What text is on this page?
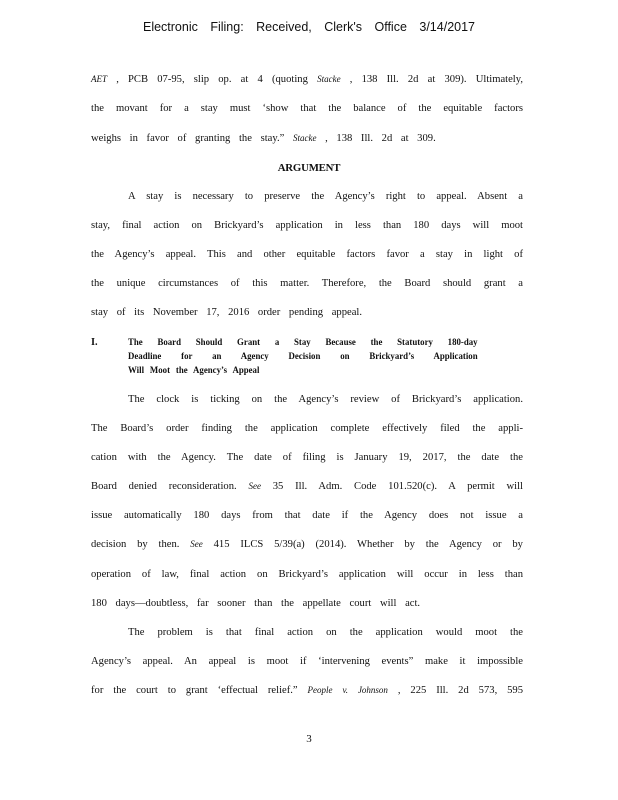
Electronic Filing: Received, Clerk's Office 3/14/2017
AET , PCB 07-95, slip op. at 4 (quoting Stacke , 138 Ill. 2d at 309). Ultimately,
the movant for a stay must ‘show that the balance of the equitable factors
weighs in favor of granting the stay.” Stacke , 138 Ill. 2d at 309.
ARGUMENT
A stay is necessary to preserve the Agency’s right to appeal. Absent a
stay, final action on Brickyard’s application in less than 180 days will moot
the Agency’s appeal. This and other equitable factors favor a stay in light of
the unique circumstances of this matter. Therefore, the Board should grant a
stay of its November 17, 2016 order pending appeal.
I.	The Board Should Grant a Stay Because the Statutory 180-day
Deadline for an Agency Decision on Brickyard’s Application
Will Moot the Agency’s Appeal
The clock is ticking on the Agency’s review of Brickyard’s application.
The Board’s order finding the application complete effectively filed the appli-
cation with the Agency. The date of filing is January 19, 2017, the date the
Board denied reconsideration. See 35 Ill. Adm. Code 101.520(c). A permit will
issue automatically 180 days from that date if the Agency does not issue a
decision by then. See 415 ILCS 5/39(a) (2014). Whether by the Agency or by
operation of law, final action on Brickyard’s application will occur in less than
180 days—doubtless, far sooner than the appellate court will act.
The problem is that final action on the application would moot the
Agency’s appeal. An appeal is moot if ‘intervening events” make it impossible
for the court to grant ‘effectual relief.” People v. Johnson , 225 Ill. 2d 573, 595
3
